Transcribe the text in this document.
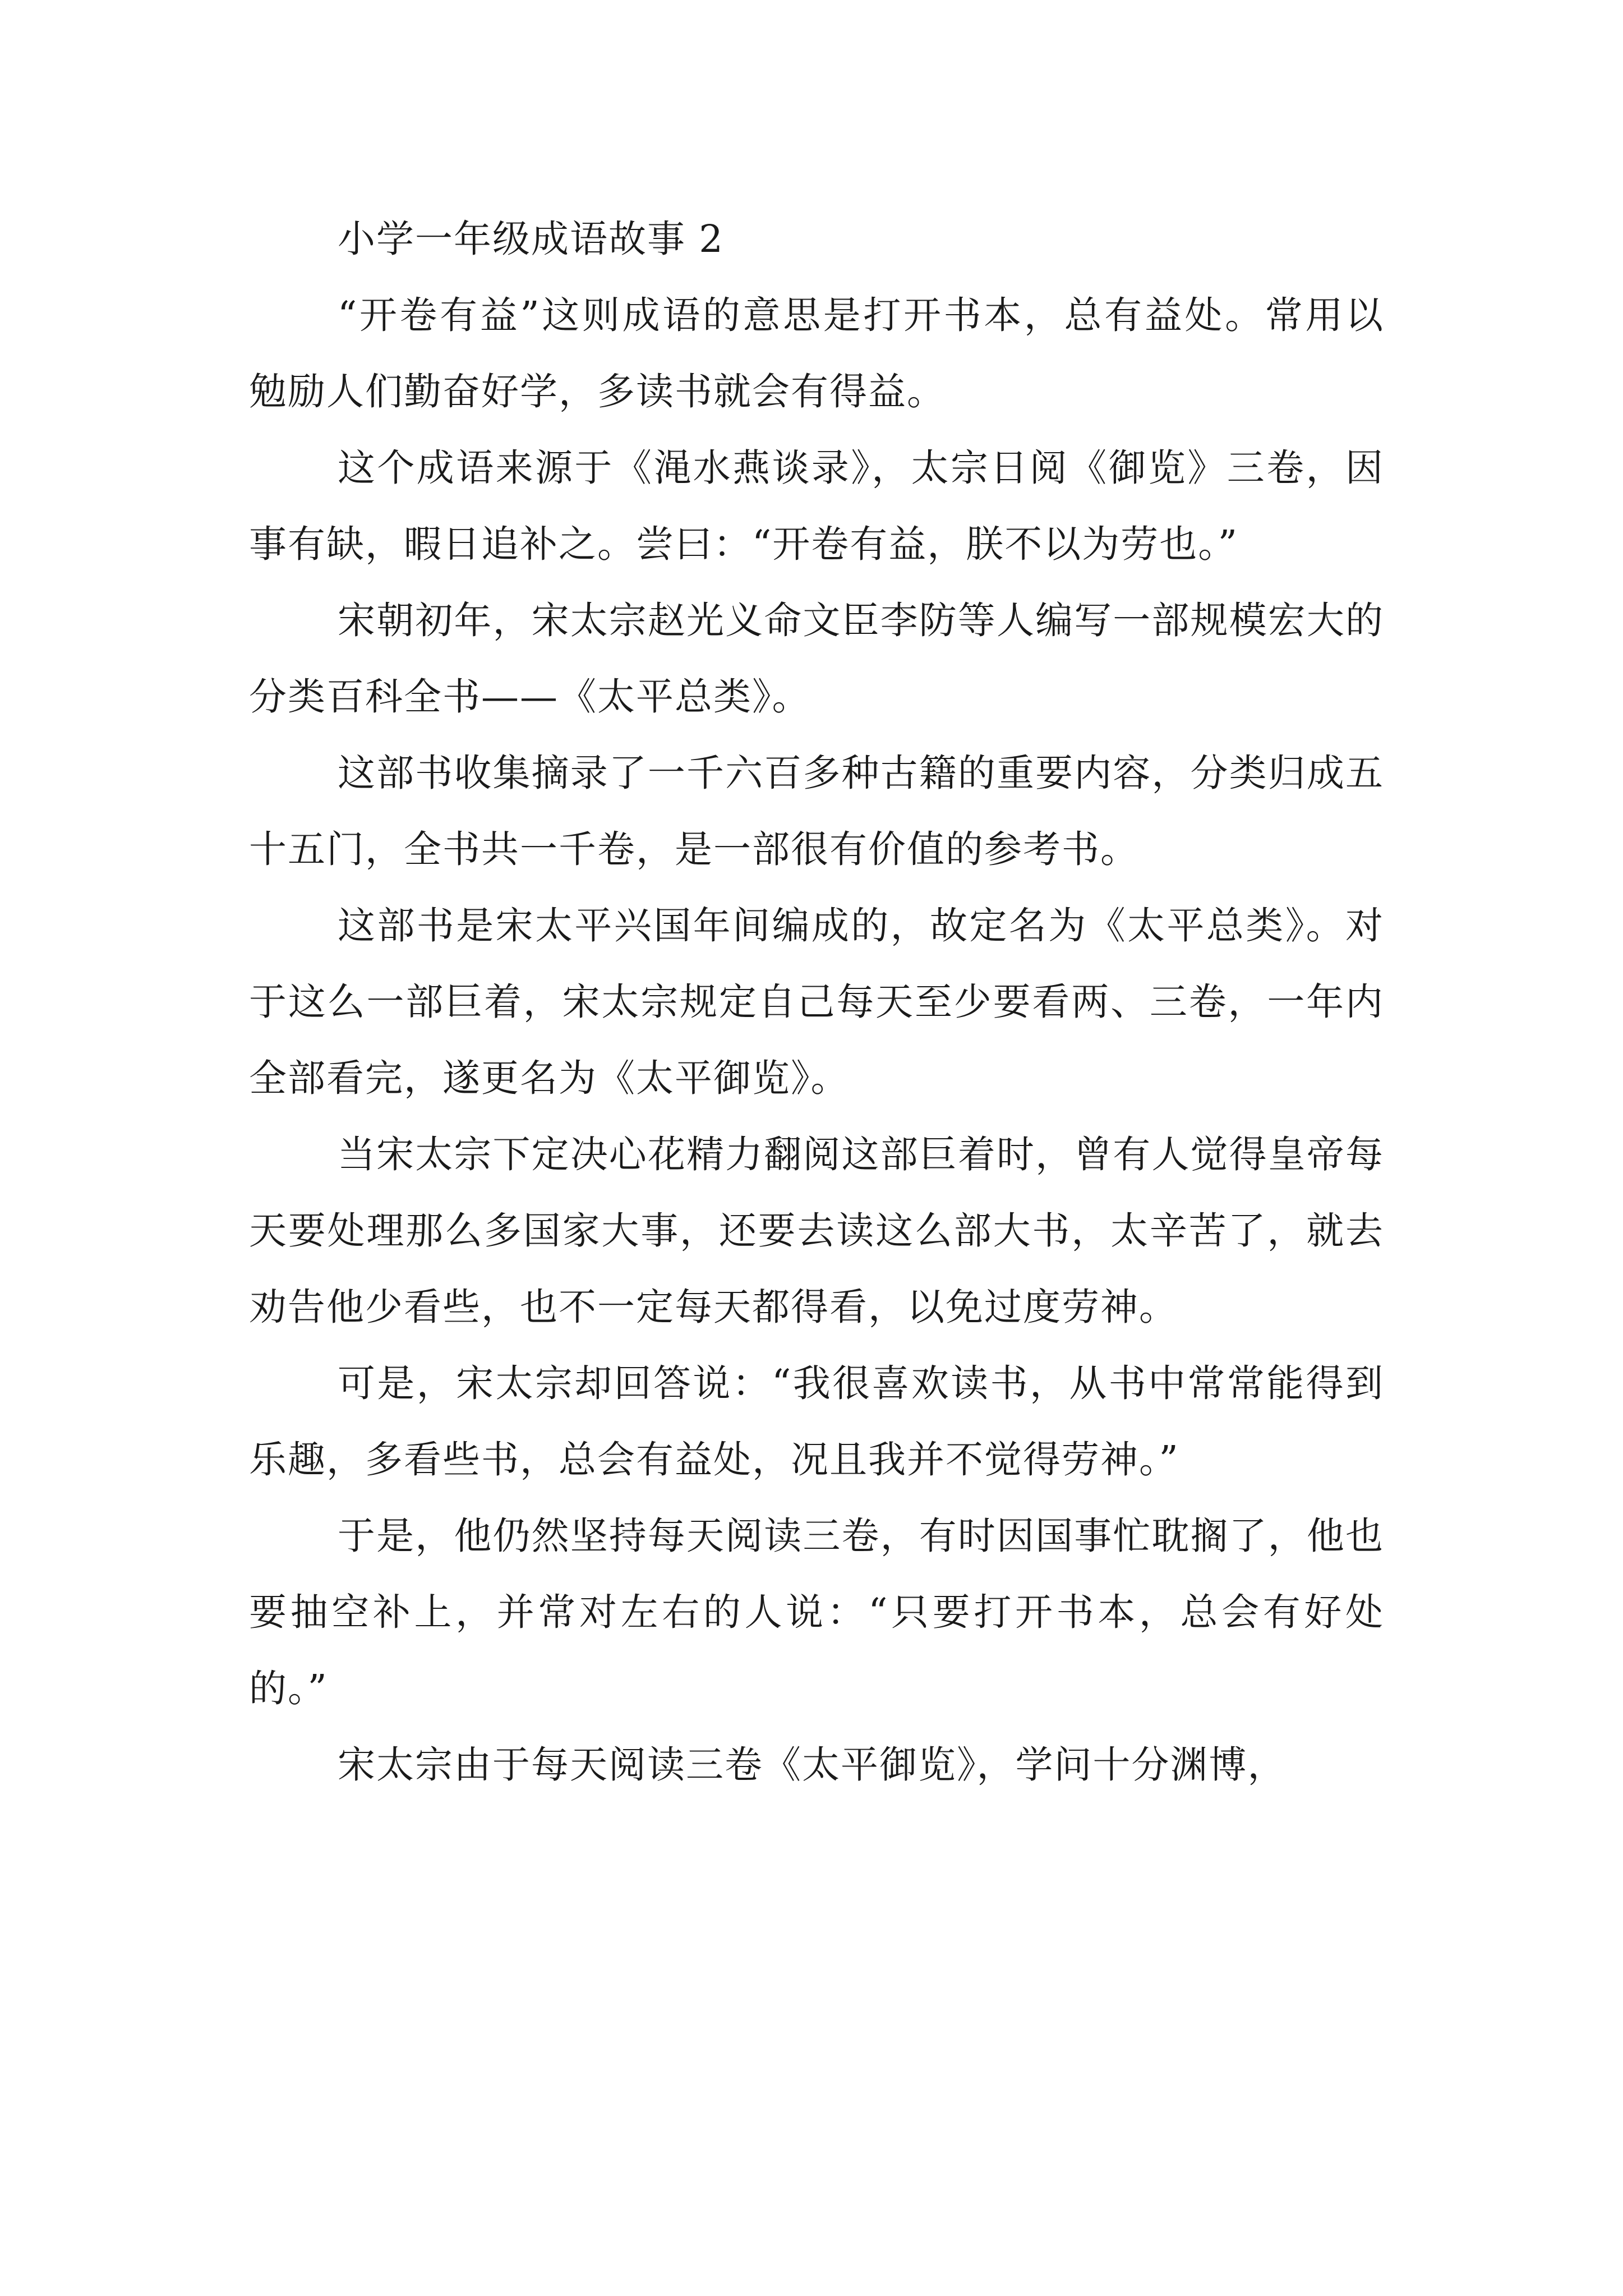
小学一年级成语故事 2

“开卷有益”这则成语的意思是打开书本，总有益处。常用以勉励人们勤奋好学，多读书就会有得益。

这个成语来源于《渑水燕谈录》，太宗日阅《御览》三卷，因事有缺，暇日追补之。尝曰：“开卷有益，朕不以为劳也。”

宋朝初年，宋太宗赵光义命文臣李防等人编写一部规模宏大的分类百科全书——《太平总类》。

这部书收集摘录了一千六百多种古籍的重要内容，分类归成五十五门，全书共一千卷，是一部很有价值的参考书。

这部书是宋太平兴国年间编成的，故定名为《太平总类》。对于这么一部巨着，宋太宗规定自己每天至少要看两、三卷，一年内全部看完，遂更名为《太平御览》。

当宋太宗下定决心花精力翻阅这部巨着时，曾有人觉得皇帝每天要处理那么多国家大事，还要去读这么部大书，太辛苦了，就去劝告他少看些，也不一定每天都得看，以免过度劳神。

可是，宋太宗却回答说：“我很喜欢读书，从书中常常能得到乐趣，多看些书，总会有益处，况且我并不觉得劳神。”

于是，他仍然坚持每天阅读三卷，有时因国事忙耽搁了，他也要抽空补上，并常对左右的人说：“只要打开书本，总会有好处的。”

宋太宗由于每天阅读三卷《太平御览》，学问十分渊博，
